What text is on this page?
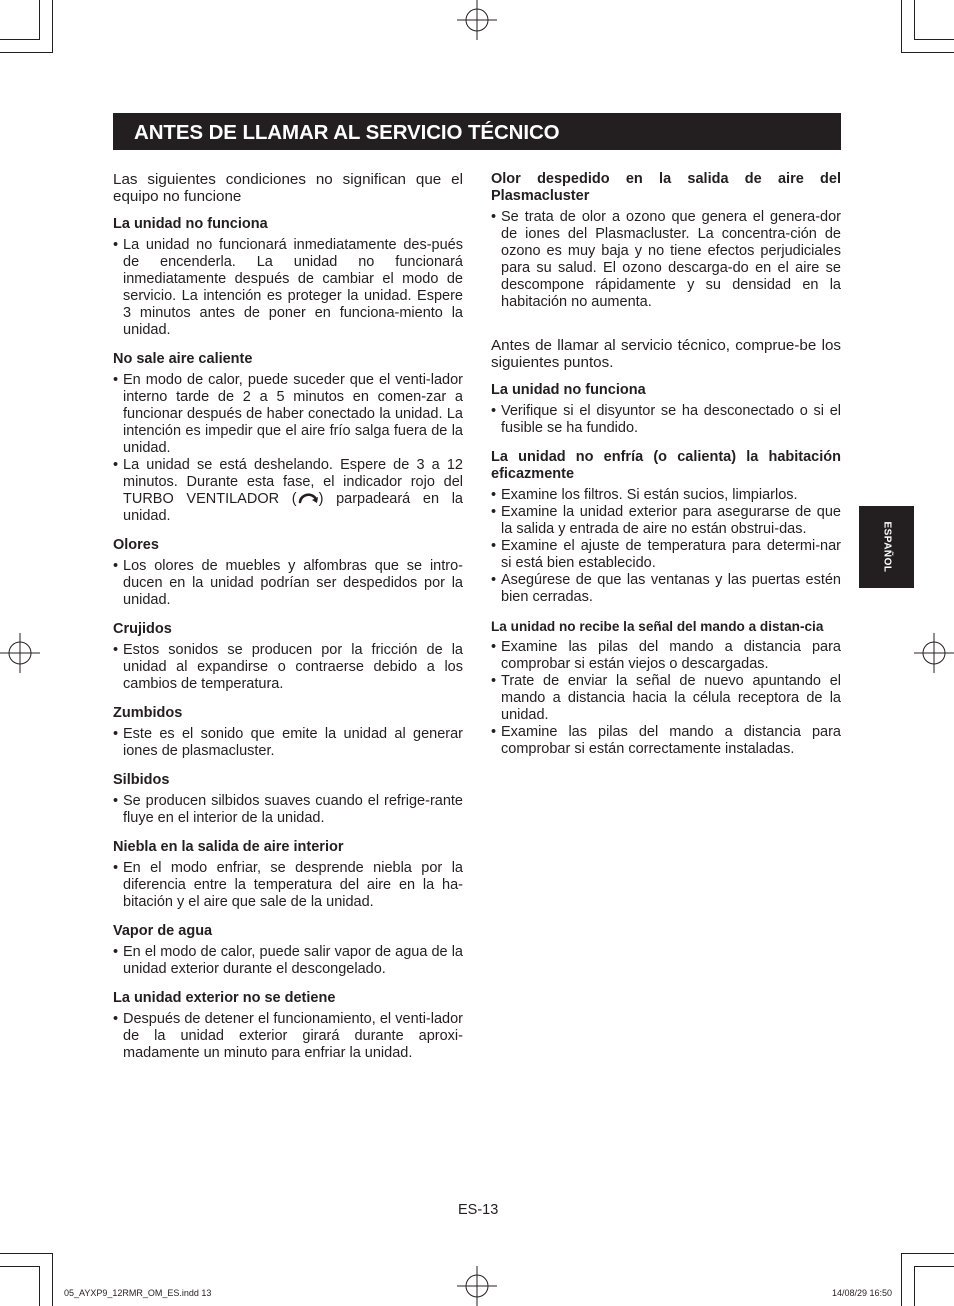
ANTES DE LLAMAR AL SERVICIO TÉCNICO

Las siguientes condiciones no significan que el equipo no funcione

La unidad no funciona
• La unidad no funcionará inmediatamente des-pués de encenderla. La unidad no funcionará inmediatamente después de cambiar el modo de servicio. La intención es proteger la unidad. Espere 3 minutos antes de poner en funciona-miento la unidad.
No sale aire caliente
• En modo de calor, puede suceder que el venti-lador interno tarde de 2 a 5 minutos en comen-zar a funcionar después de haber conectado la unidad. La intención es impedir que el aire frío salga fuera de la unidad.
• La unidad se está deshelando. Espere de 3 a 12 minutos. Durante esta fase, el indicador rojo del TURBO VENTILADOR ( ) parpadeará en la unidad.
Olores
• Los olores de muebles y alfombras que se intro-ducen en la unidad podrían ser despedidos por la unidad.
Crujidos
• Estos sonidos se producen por la fricción de la unidad al expandirse o contraerse debido a los cambios de temperatura.
Zumbidos
• Este es el sonido que emite la unidad al generar iones de plasmacluster.
Silbidos
• Se producen silbidos suaves cuando el refrige-rante fluye en el interior de la unidad.
Niebla en la salida de aire interior
• En el modo enfriar, se desprende niebla por la diferencia entre la temperatura del aire en la ha-bitación y el aire que sale de la unidad.
Vapor de agua
• En el modo de calor, puede salir vapor de agua de la unidad exterior durante el descongelado.
La unidad exterior no se detiene
• Después de detener el funcionamiento, el venti-lador de la unidad exterior girará durante aproxi-madamente un minuto para enfriar la unidad.
Olor despedido en la salida de aire del Plasmacluster
• Se trata de olor a ozono que genera el genera-dor de iones del Plasmacluster. La concentra-ción de ozono es muy baja y no tiene efectos perjudiciales para su salud. El ozono descarga-do en el aire se descompone rápidamente y su densidad en la habitación no aumenta.

Antes de llamar al servicio técnico, comprue-be los siguientes puntos.

La unidad no funciona
• Verifique si el disyuntor se ha desconectado o si el fusible se ha fundido.
La unidad no enfría (o calienta) la habitación eficazmente
• Examine los filtros. Si están sucios, limpiarlos.
• Examine la unidad exterior para asegurarse de que la salida y entrada de aire no están obstrui-das.
• Examine el ajuste de temperatura para determi-nar si está bien establecido.
• Asegúrese de que las ventanas y las puertas estén bien cerradas.
La unidad no recibe la señal del mando a distan-cia
• Examine las pilas del mando a distancia para comprobar si están viejos o descargadas.
• Trate de enviar la señal de nuevo apuntando el mando a distancia hacia la célula receptora de la unidad.
• Examine las pilas del mando a distancia para comprobar si están correctamente instaladas.
ESPAÑOL
ES-13
05_AYXP9_12RMR_OM_ES.indd 13	14/08/29 16:50
